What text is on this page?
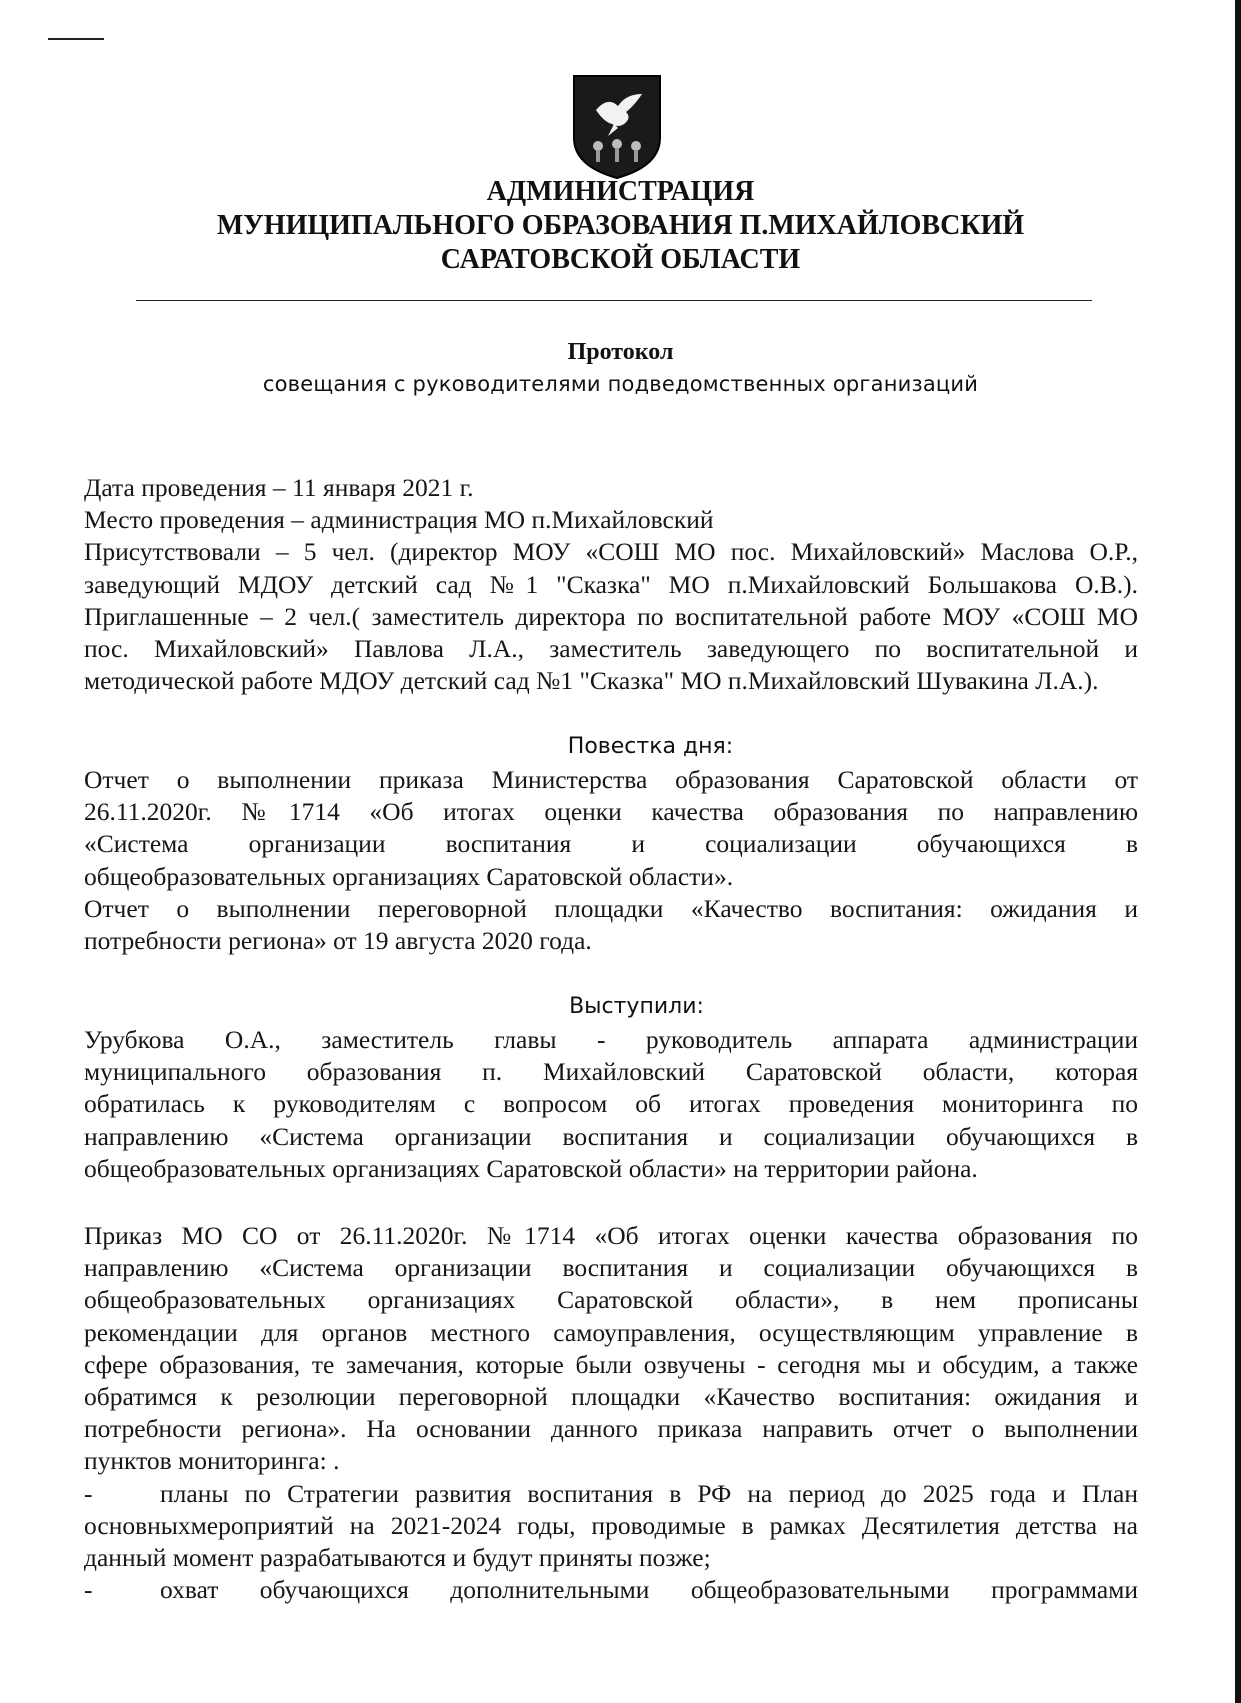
АДМИНИСТРАЦИЯ
МУНИЦИПАЛЬНОГО ОБРАЗОВАНИЯ П.МИХАЙЛОВСКИЙ
САРАТОВСКОЙ ОБЛАСТИ
Протокол
совещания с руководителями подведомственных организаций
Дата проведения – 11 января 2021 г.
Место проведения – администрация МО п.Михайловский
Присутствовали – 5 чел. (директор МОУ «СОШ МО пос. Михайловский» Маслова О.Р.,
заведующий МДОУ детский сад №1 "Сказка" МО п.Михайловский Большакова О.В.).
Приглашенные – 2 чел.( заместитель директора по воспитательной работе МОУ «СОШ МО
пос. Михайловский» Павлова Л.А., заместитель заведующего по воспитательной и
методической работе МДОУ детский сад №1 "Сказка" МО п.Михайловский Шувакина Л.А.).
Повестка дня:
Отчет о выполнении приказа Министерства образования Саратовской области от
26.11.2020г. №1714 «Об итогах оценки качества образования по направлению
«Система организации воспитания и социализации обучающихся в
общеобразовательных организациях Саратовской области».
Отчет о выполнении переговорной площадки «Качество воспитания: ожидания и
потребности региона» от 19 августа 2020 года.
Выступили:
Урубкова О.А., заместитель главы - руководитель аппарата администрации
муниципального образования п. Михайловский Саратовской области, которая
обратилась к руководителям с вопросом об итогах проведения мониторинга по
направлению «Система организации воспитания и социализации обучающихся в
общеобразовательных организациях Саратовской области» на территории района.
Приказ МО СО от 26.11.2020г. №1714 «Об итогах оценки качества образования по
направлению «Система организации воспитания и социализации обучающихся в
общеобразовательных организациях Саратовской области», в нем прописаны
рекомендации для органов местного самоуправления, осуществляющим управление в
сфере образования, те замечания, которые были озвучены - сегодня мы и обсудим, а также
обратимся к резолюции переговорной площадки «Качество воспитания: ожидания и
потребности региона». На основании данного приказа направить отчет о выполнении
пунктов мониторинга: .
-	планы по Стратегии развития воспитания в РФ на период до 2025 года и План
основныхмероприятий на 2021-2024 годы, проводимые в рамках Десятилетия детства на
данный момент разрабатываются и будут приняты позже;
-	охват обучающихся дополнительными общеобразовательными программами
